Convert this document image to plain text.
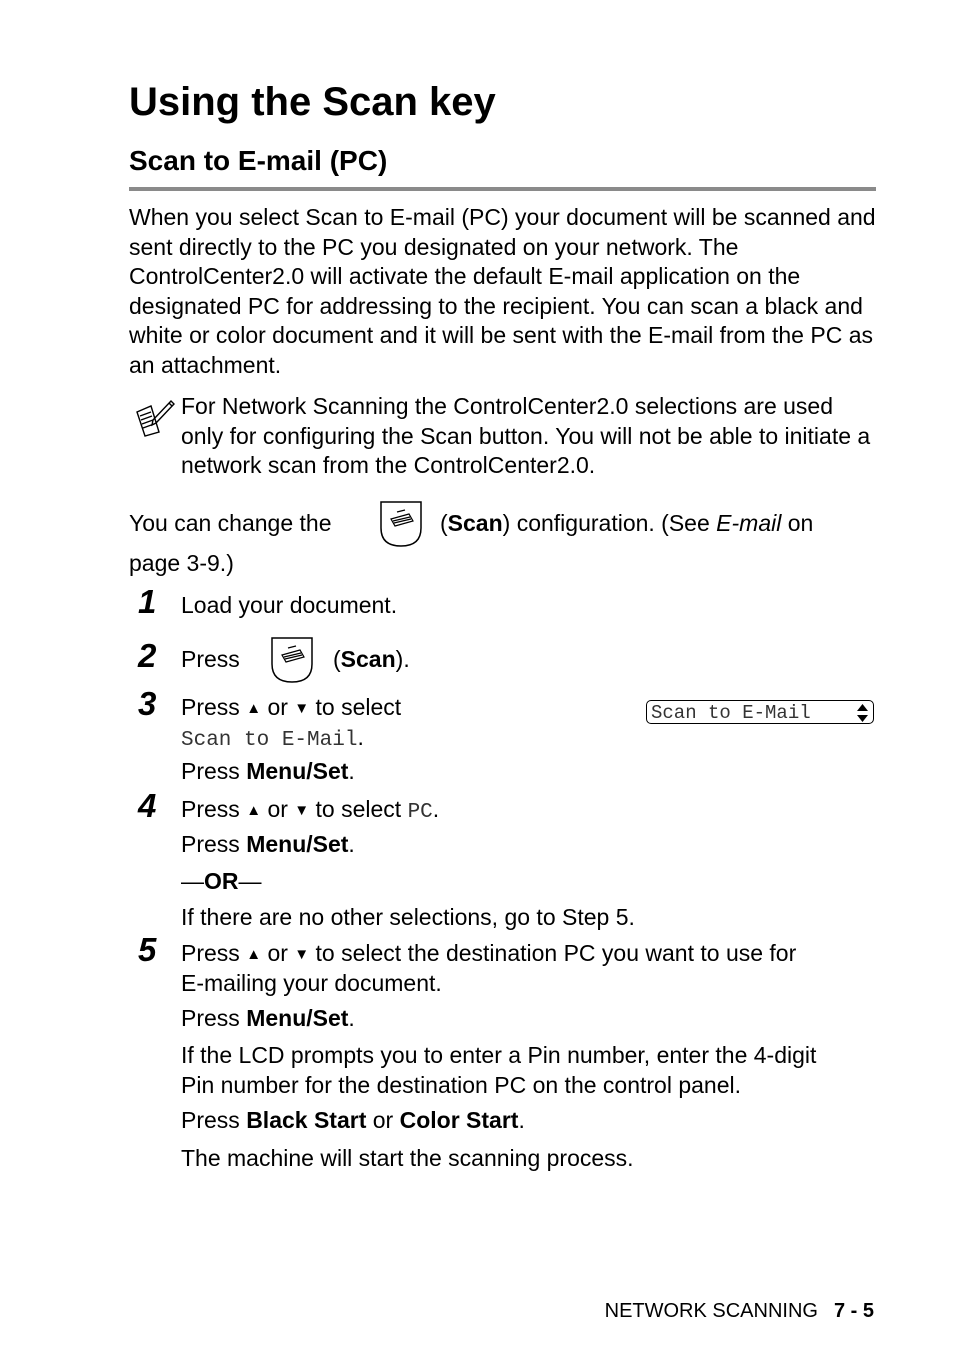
Using the Scan key
Scan to E-mail (PC)
When you select Scan to E-mail (PC) your document will be scanned and sent directly to the PC you designated on your network. The ControlCenter2.0 will activate the default E-mail application on the designated PC for addressing to the recipient. You can scan a black and white or color document and it will be sent with the E-mail from the PC as an attachment.
For Network Scanning the ControlCenter2.0 selections are used only for configuring the Scan button. You will not be able to initiate a network scan from the ControlCenter2.0.
You can change the	(Scan) configuration. (See E-mail on
page 3-9.)
1 Load your document.
2 Press	(Scan).
3 Press ▲ or ▼ to select
Scan to E-Mail.
Press Menu/Set.
Scan to E-Mail
4 Press ▲ or ▼ to select PC.
Press Menu/Set.
—OR—
If there are no other selections, go to Step 5.
5 Press ▲ or ▼ to select the destination PC you want to use for
E-mailing your document.
Press Menu/Set.
If the LCD prompts you to enter a Pin number, enter the 4-digit
Pin number for the destination PC on the control panel.
Press Black Start or Color Start.
The machine will start the scanning process.
NETWORK SCANNING 7 - 5
